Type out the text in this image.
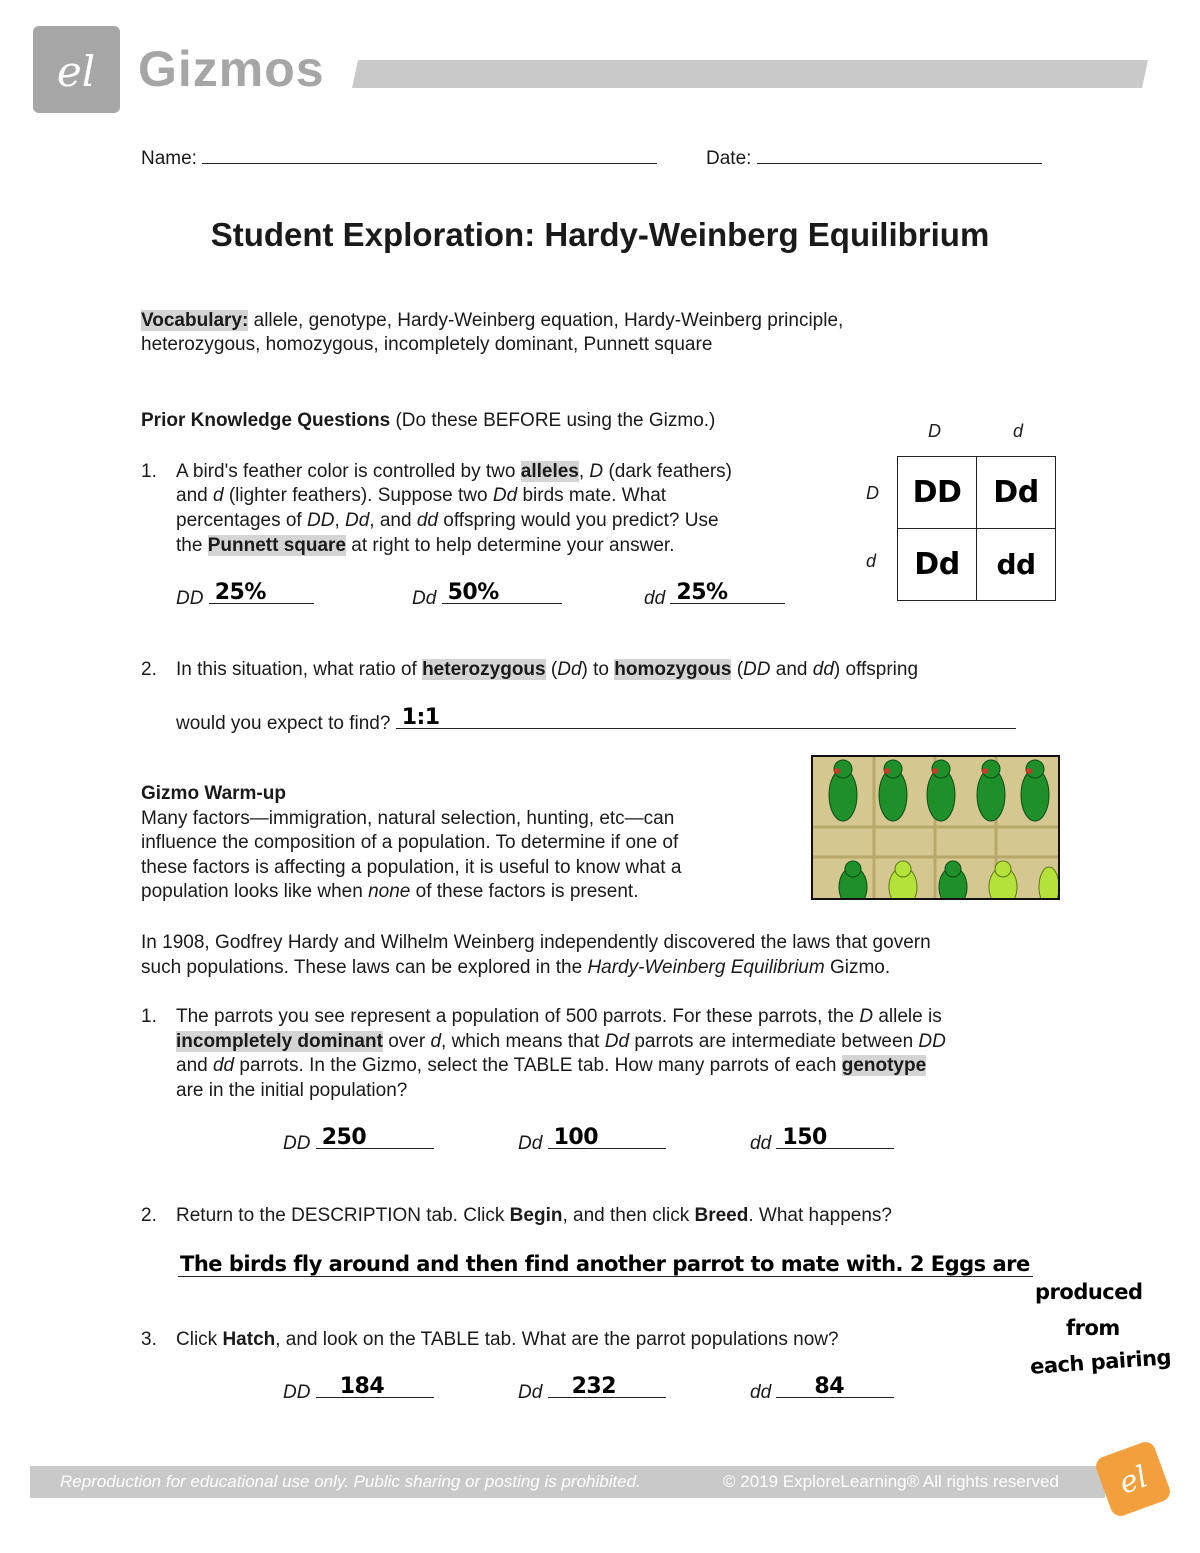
el Gizmos
Name:	Date:
Student Exploration: Hardy-Weinberg Equilibrium
Vocabulary: allele, genotype, Hardy-Weinberg equation, Hardy-Weinberg principle,
heterozygous, homozygous, incompletely dominant, Punnett square
Prior Knowledge Questions (Do these BEFORE using the Gizmo.)
1. A bird's feather color is controlled by two alleles, D (dark feathers)
and d (lighter feathers). Suppose two Dd birds mate. What
percentages of DD, Dd, and dd offspring would you predict? Use
the Punnett square at right to help determine your answer.
DD 25%	Dd 50%	dd 25%
D	d
D
d
DD	Dd
Dd	dd
2. In this situation, what ratio of heterozygous (Dd) to homozygous (DD and dd) offspring
would you expect to find? 1:1
Gizmo Warm-up
Many factors—immigration, natural selection, hunting, etc—can
influence the composition of a population. To determine if one of
these factors is affecting a population, it is useful to know what a
population looks like when none of these factors is present.
In 1908, Godfrey Hardy and Wilhelm Weinberg independently discovered the laws that govern
such populations. These laws can be explored in the Hardy-Weinberg Equilibrium Gizmo.
1. The parrots you see represent a population of 500 parrots. For these parrots, the D allele is
incompletely dominant over d, which means that Dd parrots are intermediate between DD
and dd parrots. In the Gizmo, select the TABLE tab. How many parrots of each genotype
are in the initial population?
DD 250	Dd 100	dd 150
2. Return to the DESCRIPTION tab. Click Begin, and then click Breed. What happens?
The birds fly around and then find another parrot to mate with. 2 Eggs are
produced
from
each pairing
3. Click Hatch, and look on the TABLE tab. What are the parrot populations now?
DD 184	Dd 232	dd 84
Reproduction for educational use only. Public sharing or posting is prohibited.	© 2019 ExploreLearning® All rights reserved el
